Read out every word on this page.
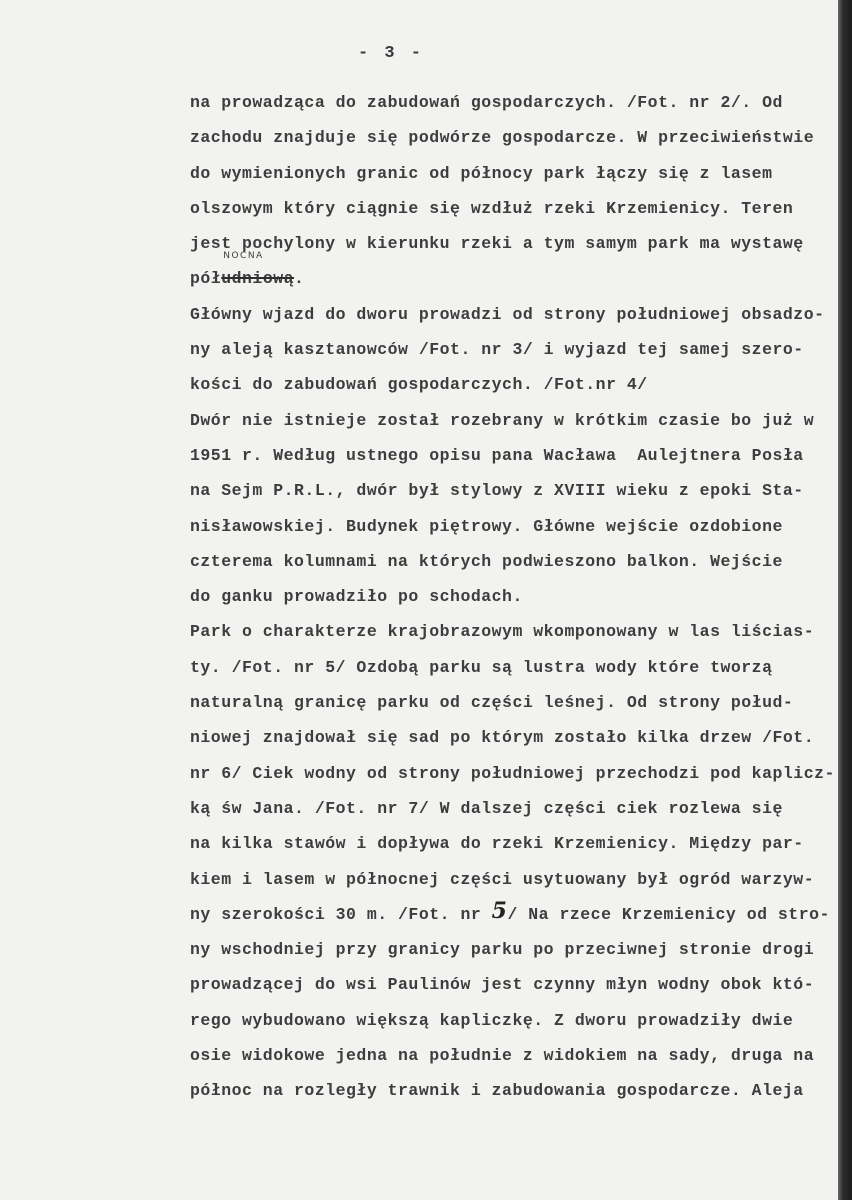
- 3 -
na prowadząca do zabudowań gospodarczych. /Fot. nr 2/. Od
zachodu znajduje się podwórze gospodarcze. W przeciwieństwie
do wymienionych granic od północy park łączy się z lasem
olszowym który ciągnie się wzdłuż rzeki Krzemienicy. Teren
jest pochylony w kierunku rzeki a tym samym park ma wystawę
pół
NOCNA
udniową.
Główny wjazd do dworu prowadzi od strony południowej obsadzo-
ny aleją kasztanowców /Fot. nr 3/ i wyjazd tej samej szero-
kości do zabudowań gospodarczych. /Fot.nr 4/
Dwór nie istnieje został rozebrany w krótkim czasie bo już w
1951 r. Według ustnego opisu pana Wacława  Aulejtnera Posła
na Sejm P.R.L., dwór był stylowy z XVIII wieku z epoki Sta-
nisławowskiej. Budynek piętrowy. Główne wejście ozdobione
czterema kolumnami na których podwieszono balkon. Wejście
do ganku prowadziło po schodach.
Park o charakterze krajobrazowym wkomponowany w las liścias-
ty. /Fot. nr 5/ Ozdobą parku są lustra wody które tworzą
naturalną granicę parku od części leśnej. Od strony połud-
niowej znajdował się sad po którym zostało kilka drzew /Fot.
nr 6/ Ciek wodny od strony południowej przechodzi pod kaplicz-
ką św Jana. /Fot. nr 7/ W dalszej części ciek rozlewa się
na kilka stawów i dopływa do rzeki Krzemienicy. Między par-
kiem i lasem w północnej części usytuowany był ogród warzyw-
ny szerokości 30 m. /Fot. nr 5/ Na rzece Krzemienicy od stro-
ny wschodniej przy granicy parku po przeciwnej stronie drogi
prowadzącej do wsi Paulinów jest czynny młyn wodny obok któ-
rego wybudowano większą kapliczkę. Z dworu prowadziły dwie
osie widokowe jedna na południe z widokiem na sady, druga na
północ na rozległy trawnik i zabudowania gospodarcze. Aleja
